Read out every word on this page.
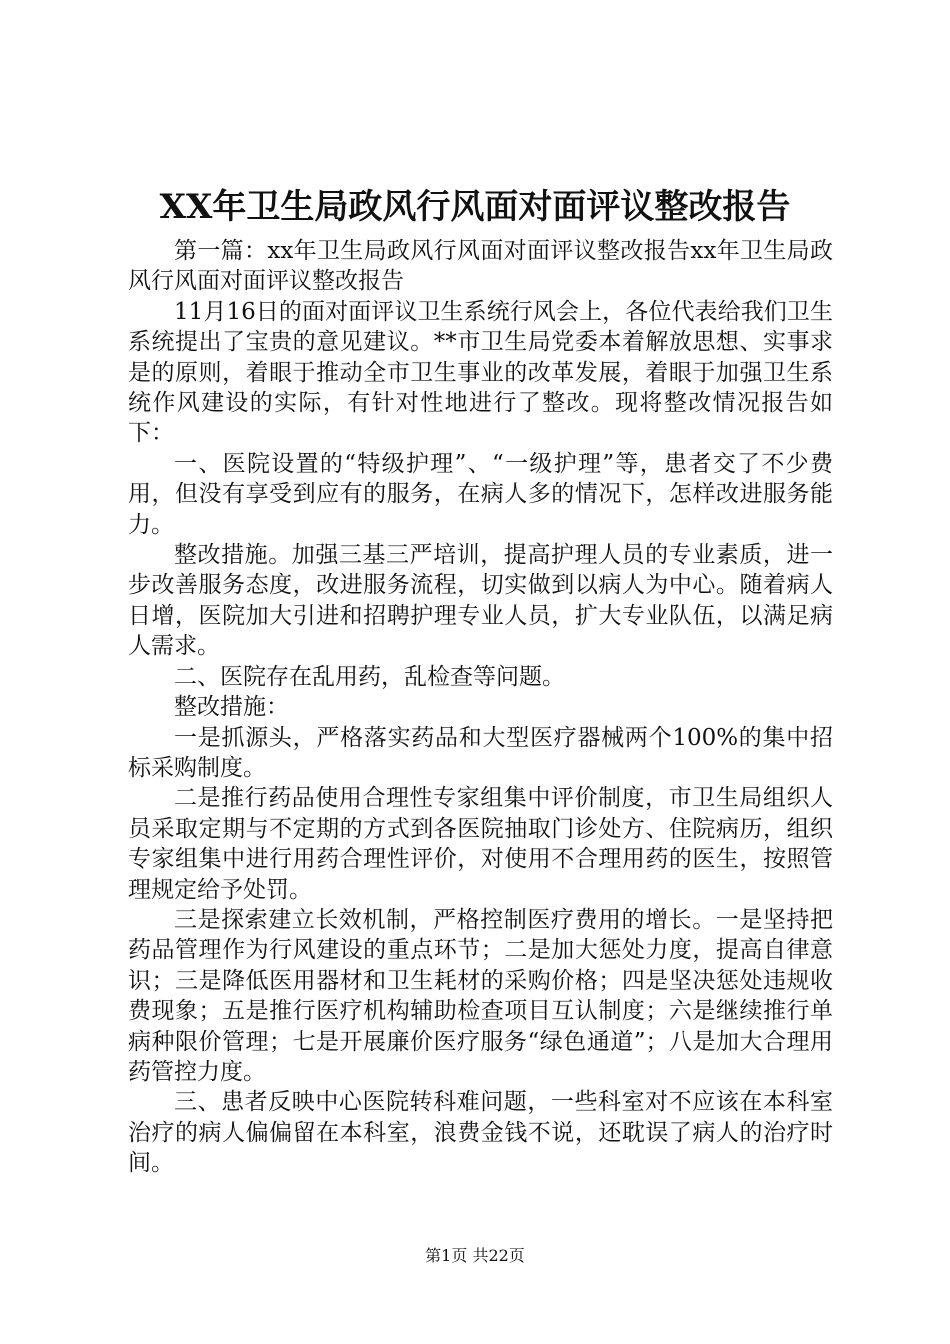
XX年卫生局政风行风面对面评议整改报告

第一篇：xx年卫生局政风行风面对面评议整改报告xx年卫生局政风行风面对面评议整改报告

11月16日的面对面评议卫生系统行风会上，各位代表给我们卫生系统提出了宝贵的意见建议。**市卫生局党委本着解放思想、实事求是的原则，着眼于推动全市卫生事业的改革发展，着眼于加强卫生系统作风建设的实际，有针对性地进行了整改。现将整改情况报告如下：

一、医院设置的“特级护理”、“一级护理”等，患者交了不少费用，但没有享受到应有的服务，在病人多的情况下，怎样改进服务能力。

整改措施。加强三基三严培训，提高护理人员的专业素质，进一步改善服务态度，改进服务流程，切实做到以病人为中心。随着病人日增，医院加大引进和招聘护理专业人员，扩大专业队伍，以满足病人需求。

二、医院存在乱用药，乱检查等问题。

整改措施：

一是抓源头，严格落实药品和大型医疗器械两个100%的集中招标采购制度。

二是推行药品使用合理性专家组集中评价制度，市卫生局组织人员采取定期与不定期的方式到各医院抽取门诊处方、住院病历，组织专家组集中进行用药合理性评价，对使用不合理用药的医生，按照管理规定给予处罚。

三是探索建立长效机制，严格控制医疗费用的增长。一是坚持把药品管理作为行风建设的重点环节；二是加大惩处力度，提高自律意识；三是降低医用器材和卫生耗材的采购价格；四是坚决惩处违规收费现象；五是推行医疗机构辅助检查项目互认制度；六是继续推行单病种限价管理；七是开展廉价医疗服务“绿色通道”；八是加大合理用药管控力度。

三、患者反映中心医院转科难问题，一些科室对不应该在本科室治疗的病人偏偏留在本科室，浪费金钱不说，还耽误了病人的治疗时间。

第1页 共22页
